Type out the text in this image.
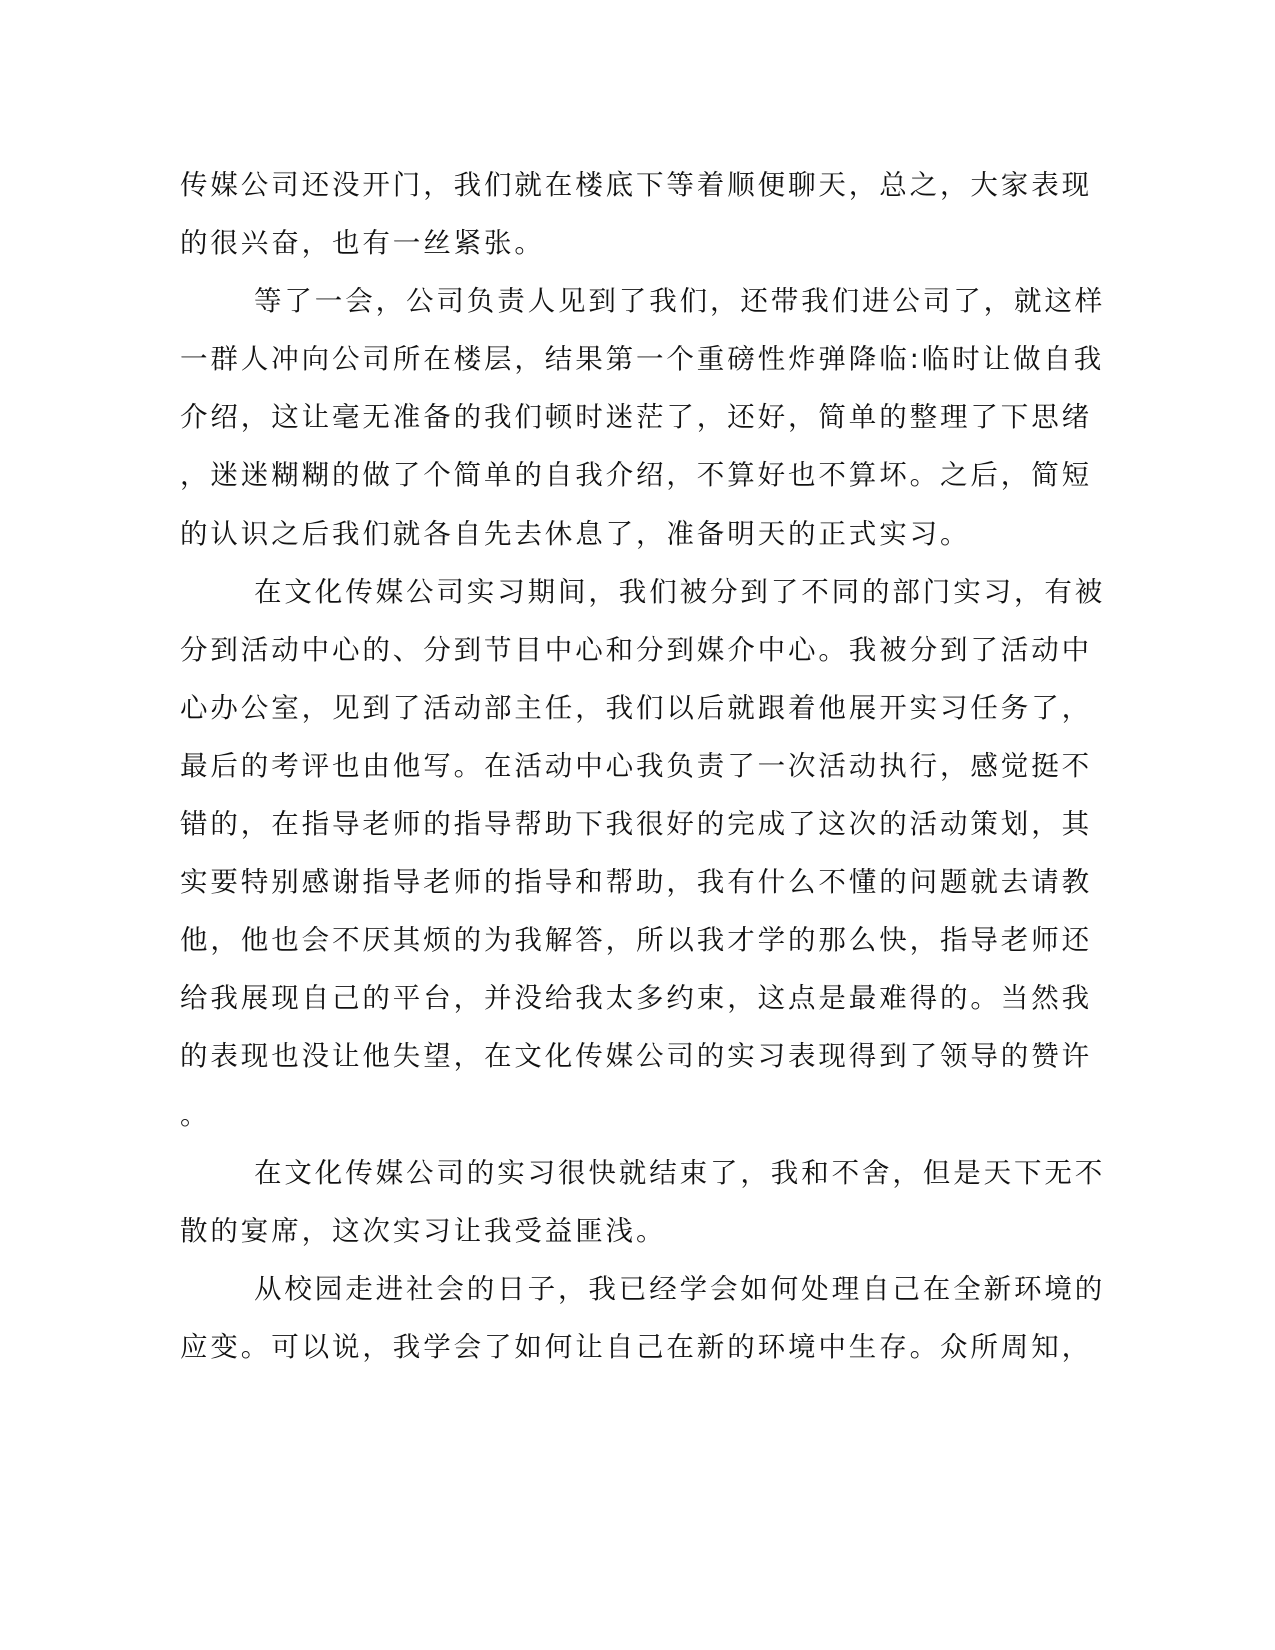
传媒公司还没开门，我们就在楼底下等着顺便聊天，总之，大家表现
的很兴奋，也有一丝紧张。
等了一会，公司负责人见到了我们，还带我们进公司了，就这样
一群人冲向公司所在楼层，结果第一个重磅性炸弹降临:临时让做自我
介绍，这让毫无准备的我们顿时迷茫了，还好，简单的整理了下思绪
，迷迷糊糊的做了个简单的自我介绍，不算好也不算坏。之后，简短
的认识之后我们就各自先去休息了，准备明天的正式实习。
在文化传媒公司实习期间，我们被分到了不同的部门实习，有被
分到活动中心的、分到节目中心和分到媒介中心。我被分到了活动中
心办公室，见到了活动部主任，我们以后就跟着他展开实习任务了，
最后的考评也由他写。在活动中心我负责了一次活动执行，感觉挺不
错的，在指导老师的指导帮助下我很好的完成了这次的活动策划，其
实要特别感谢指导老师的指导和帮助，我有什么不懂的问题就去请教
他，他也会不厌其烦的为我解答，所以我才学的那么快，指导老师还
给我展现自己的平台，并没给我太多约束，这点是最难得的。当然我
的表现也没让他失望，在文化传媒公司的实习表现得到了领导的赞许
。
在文化传媒公司的实习很快就结束了，我和不舍，但是天下无不
散的宴席，这次实习让我受益匪浅。
从校园走进社会的日子，我已经学会如何处理自己在全新环境的
应变。可以说，我学会了如何让自己在新的环境中生存。众所周知，
